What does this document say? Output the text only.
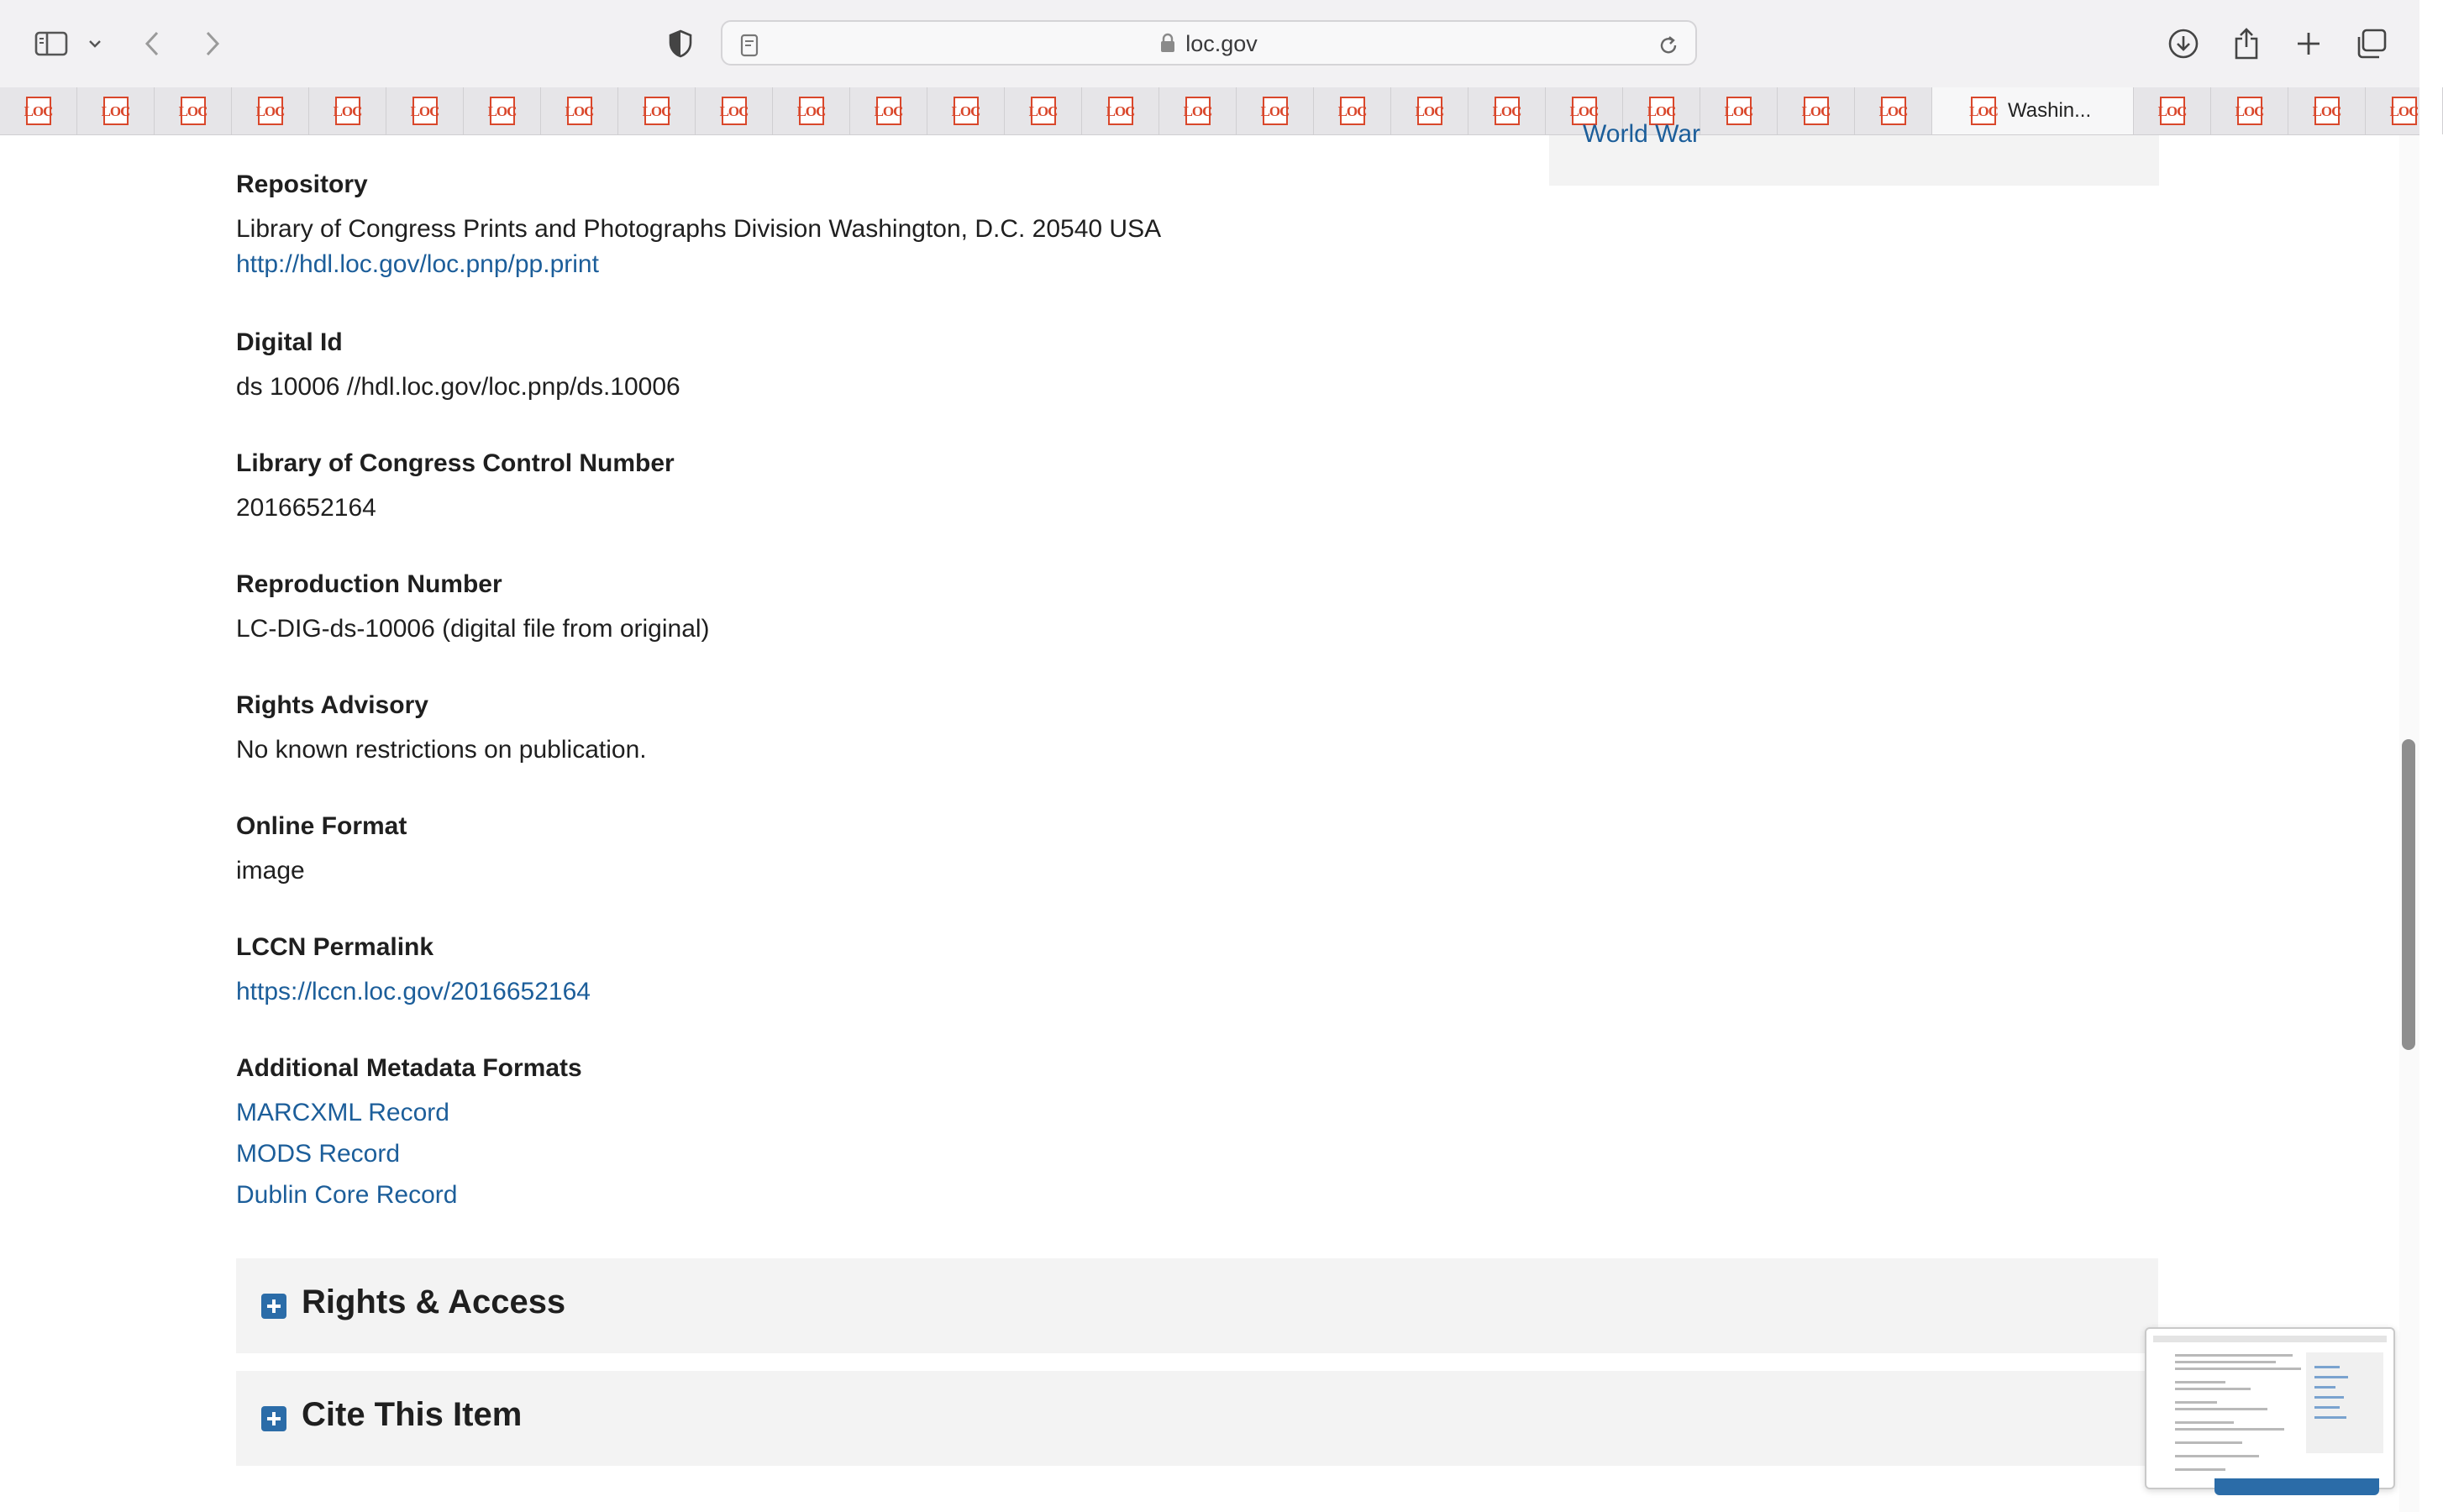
loc.gov
LOC	LOC	LOC	LOC	LOC	LOC	LOC	LOC	LOC	LOC	LOC	LOC	LOC	LOC	LOC	LOC	LOC	LOC	LOC	LOC	LOC	LOC	LOC	LOC	LOC	LOC Washin...	LOC	LOC	LOC	LOC
World War
Repository
Library of Congress Prints and Photographs Division Washington, D.C. 20540 USA
http://hdl.loc.gov/loc.pnp/pp.print
Digital Id
ds 10006 //hdl.loc.gov/loc.pnp/ds.10006
Library of Congress Control Number
2016652164
Reproduction Number
LC-DIG-ds-10006 (digital file from original)
Rights Advisory
No known restrictions on publication.
Online Format
image
LCCN Permalink
https://lccn.loc.gov/2016652164
Additional Metadata Formats
MARCXML Record
MODS Record
Dublin Core Record
Rights & Access
Cite This Item
